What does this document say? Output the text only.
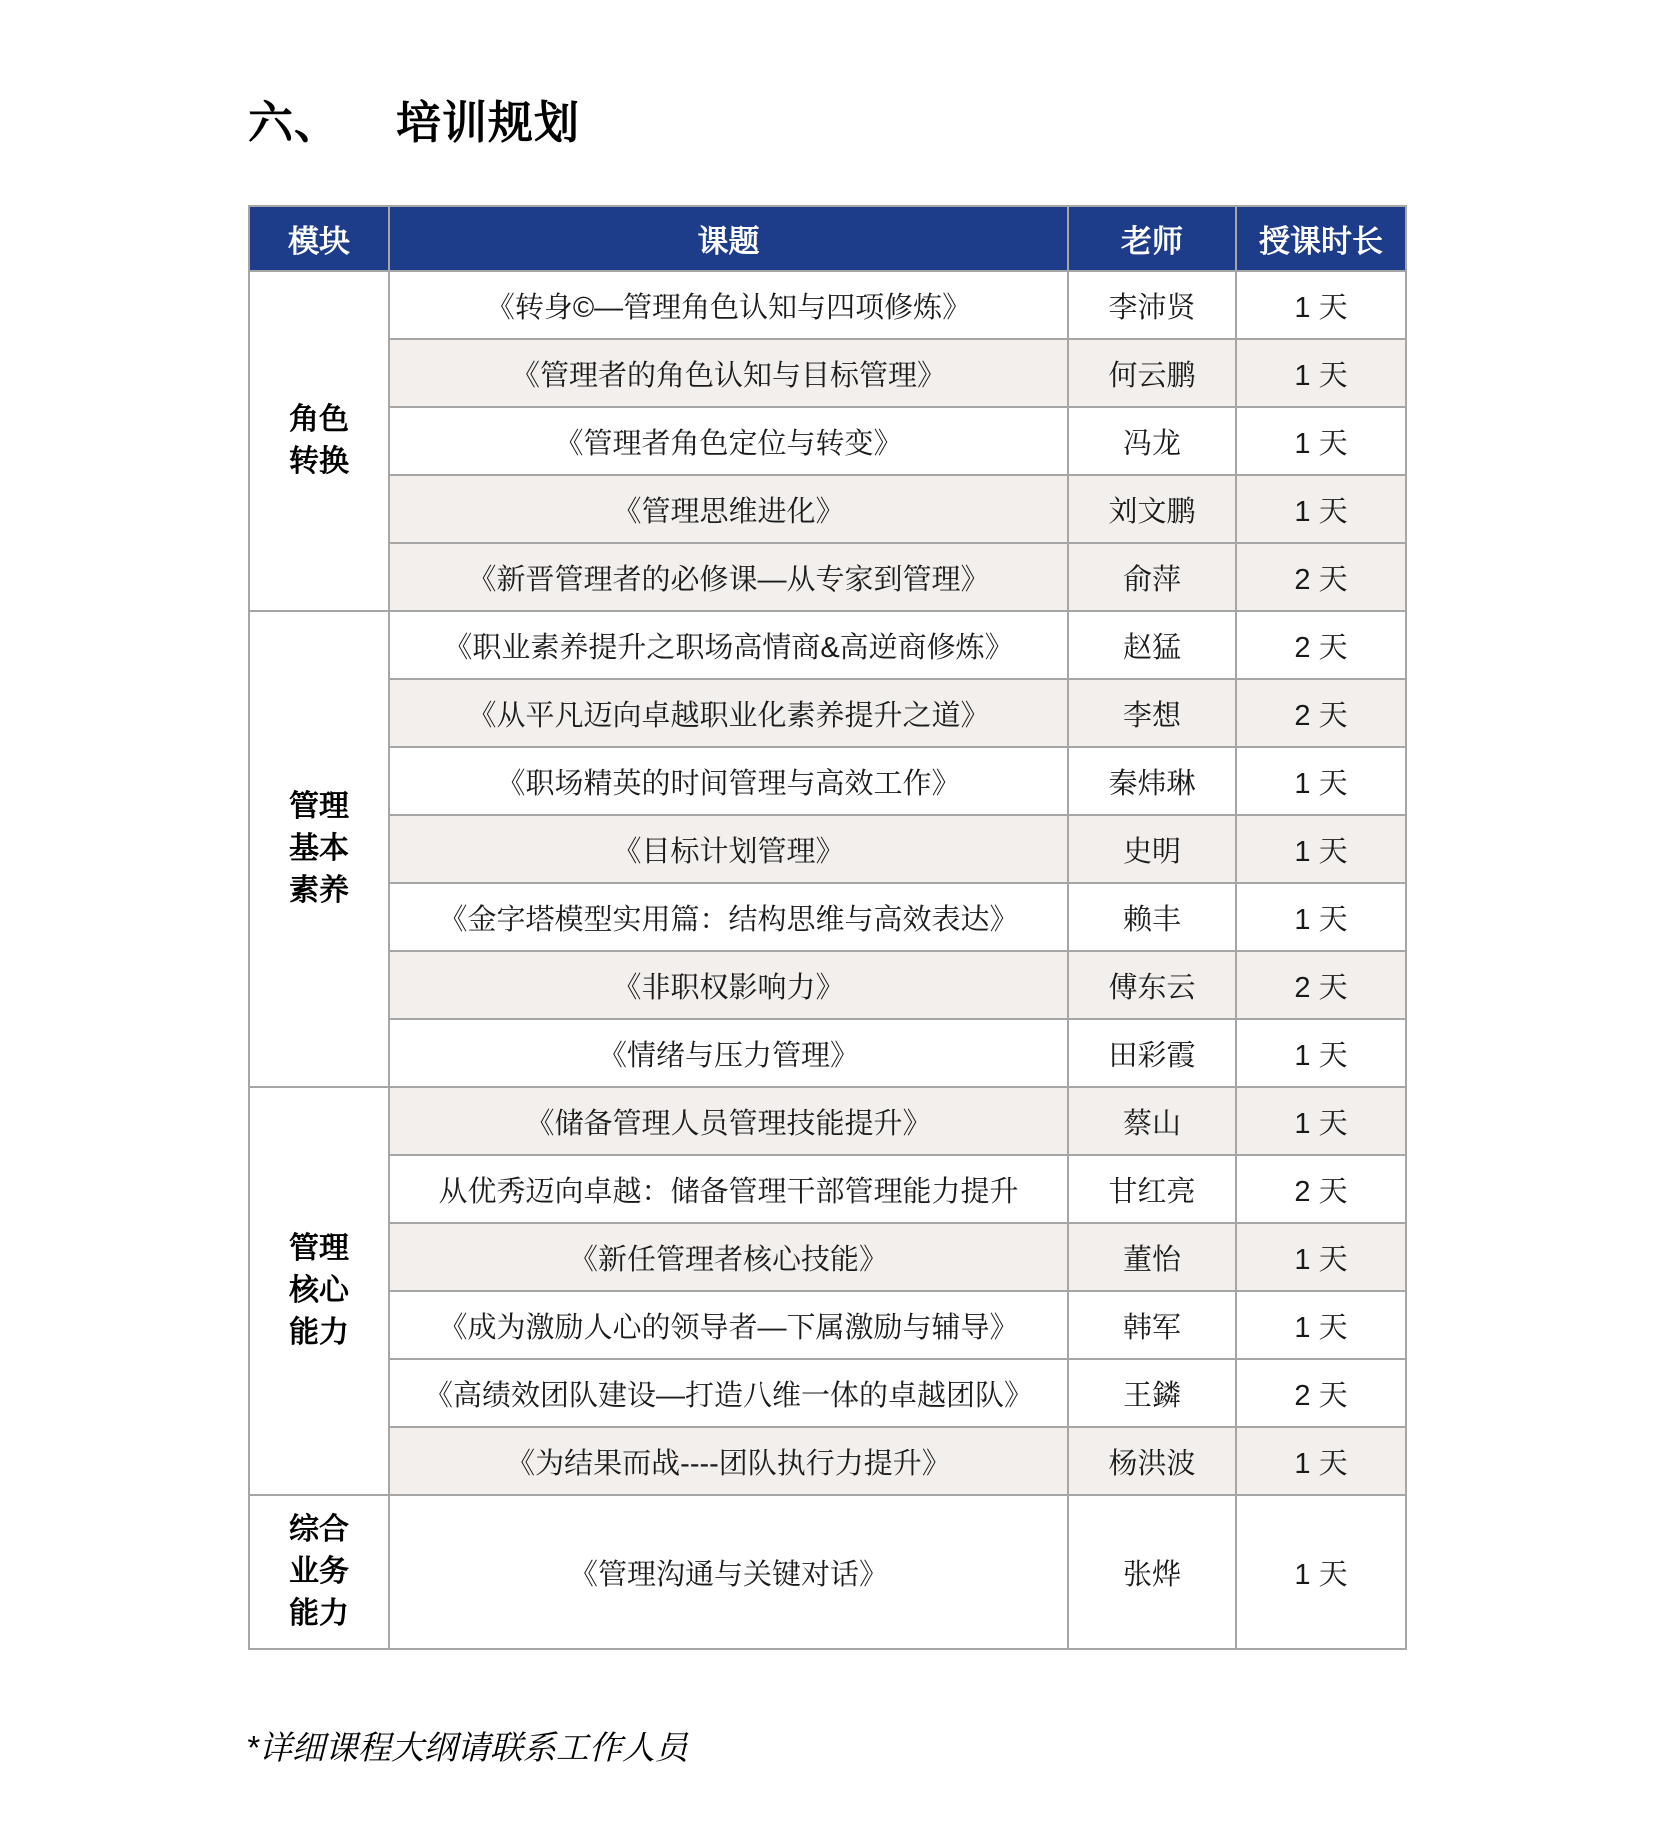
六、 培训规划
模块	课题	老师	授课时长
角色
转换	《转身©—管理角色认知与四项修炼》	李沛贤	1 天
	《管理者的角色认知与目标管理》	何云鹏	1 天
	《管理者角色定位与转变》	冯龙	1 天
	《管理思维进化》	刘文鹏	1 天
	《新晋管理者的必修课—从专家到管理》	俞萍	2 天
管理
基本
素养	《职业素养提升之职场高情商&高逆商修炼》	赵猛	2 天
	《从平凡迈向卓越职业化素养提升之道》	李想	2 天
	《职场精英的时间管理与高效工作》	秦炜琳	1 天
	《目标计划管理》	史明	1 天
	《金字塔模型实用篇：结构思维与高效表达》	赖丰	1 天
	《非职权影响力》	傅东云	2 天
	《情绪与压力管理》	田彩霞	1 天
管理
核心
能力	《储备管理人员管理技能提升》	蔡山	1 天
	从优秀迈向卓越：储备管理干部管理能力提升	甘红亮	2 天
	《新任管理者核心技能》	董怡	1 天
	《成为激励人心的领导者—下属激励与辅导》	韩军	1 天
	《高绩效团队建设—打造八维一体的卓越团队》	王鏻	2 天
	《为结果而战----团队执行力提升》	杨洪波	1 天
综合
业务
能力	《管理沟通与关键对话》	张烨	1 天
*详细课程大纲请联系工作人员
